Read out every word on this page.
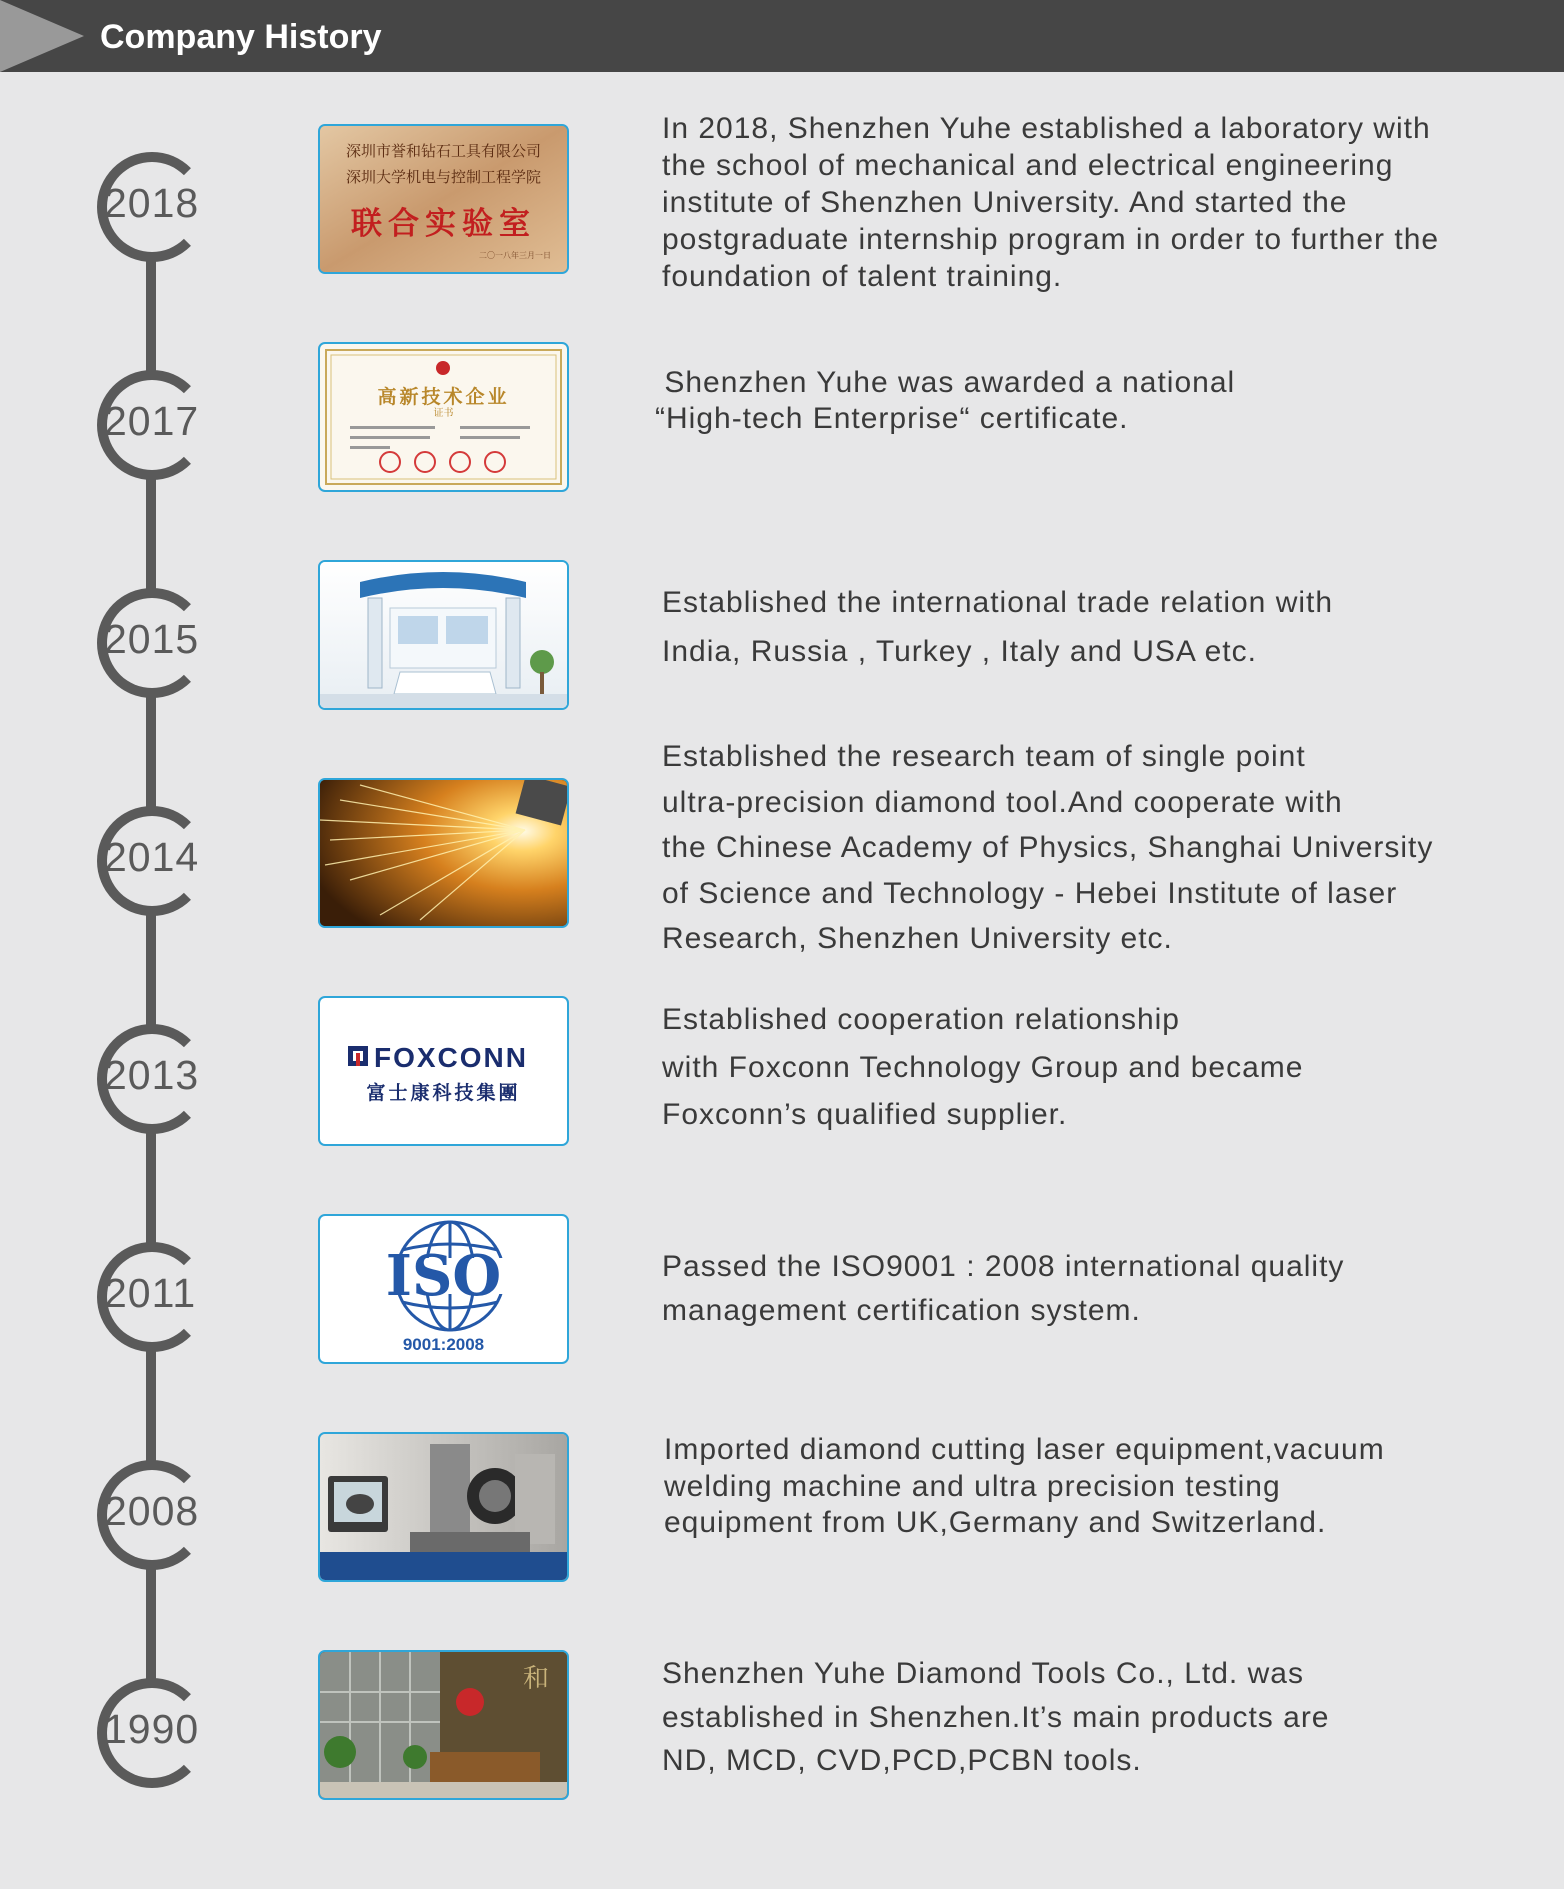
Company History
2018
深圳市誉和钻石工具有限公司
深圳大学机电与控制工程学院
联合实验室
二〇一八年三月一日
In 2018, Shenzhen Yuhe established a laboratory with
the school of mechanical and electrical engineering
institute of Shenzhen University. And started the
postgraduate internship program in order to further the
foundation of talent training.
2017
高新技术企业
证书
Shenzhen Yuhe was awarded a national
“High-tech Enterprise“ certificate.
2015
Established the international trade relation with
India, Russia , Turkey , Italy and USA etc.
2014
Established the research team of single point
ultra-precision diamond tool.And cooperate with
the Chinese Academy of Physics, Shanghai University
of Science and Technology - Hebei Institute of laser
Research, Shenzhen University etc.
2013	FOXCONN
富士康科技集團
Established cooperation relationship
with Foxconn Technology Group and became
Foxconn’s qualified supplier.
2011	ISO
9001:2008
Passed the ISO9001 : 2008 international quality
management certification system.
2008
Imported diamond cutting laser equipment,vacuum
welding machine and ultra precision testing
equipment from UK,Germany and Switzerland.
1990
和	Shenzhen Yuhe Diamond Tools Co., Ltd. was
established in Shenzhen.It’s main products are
ND, MCD, CVD,PCD,PCBN tools.
